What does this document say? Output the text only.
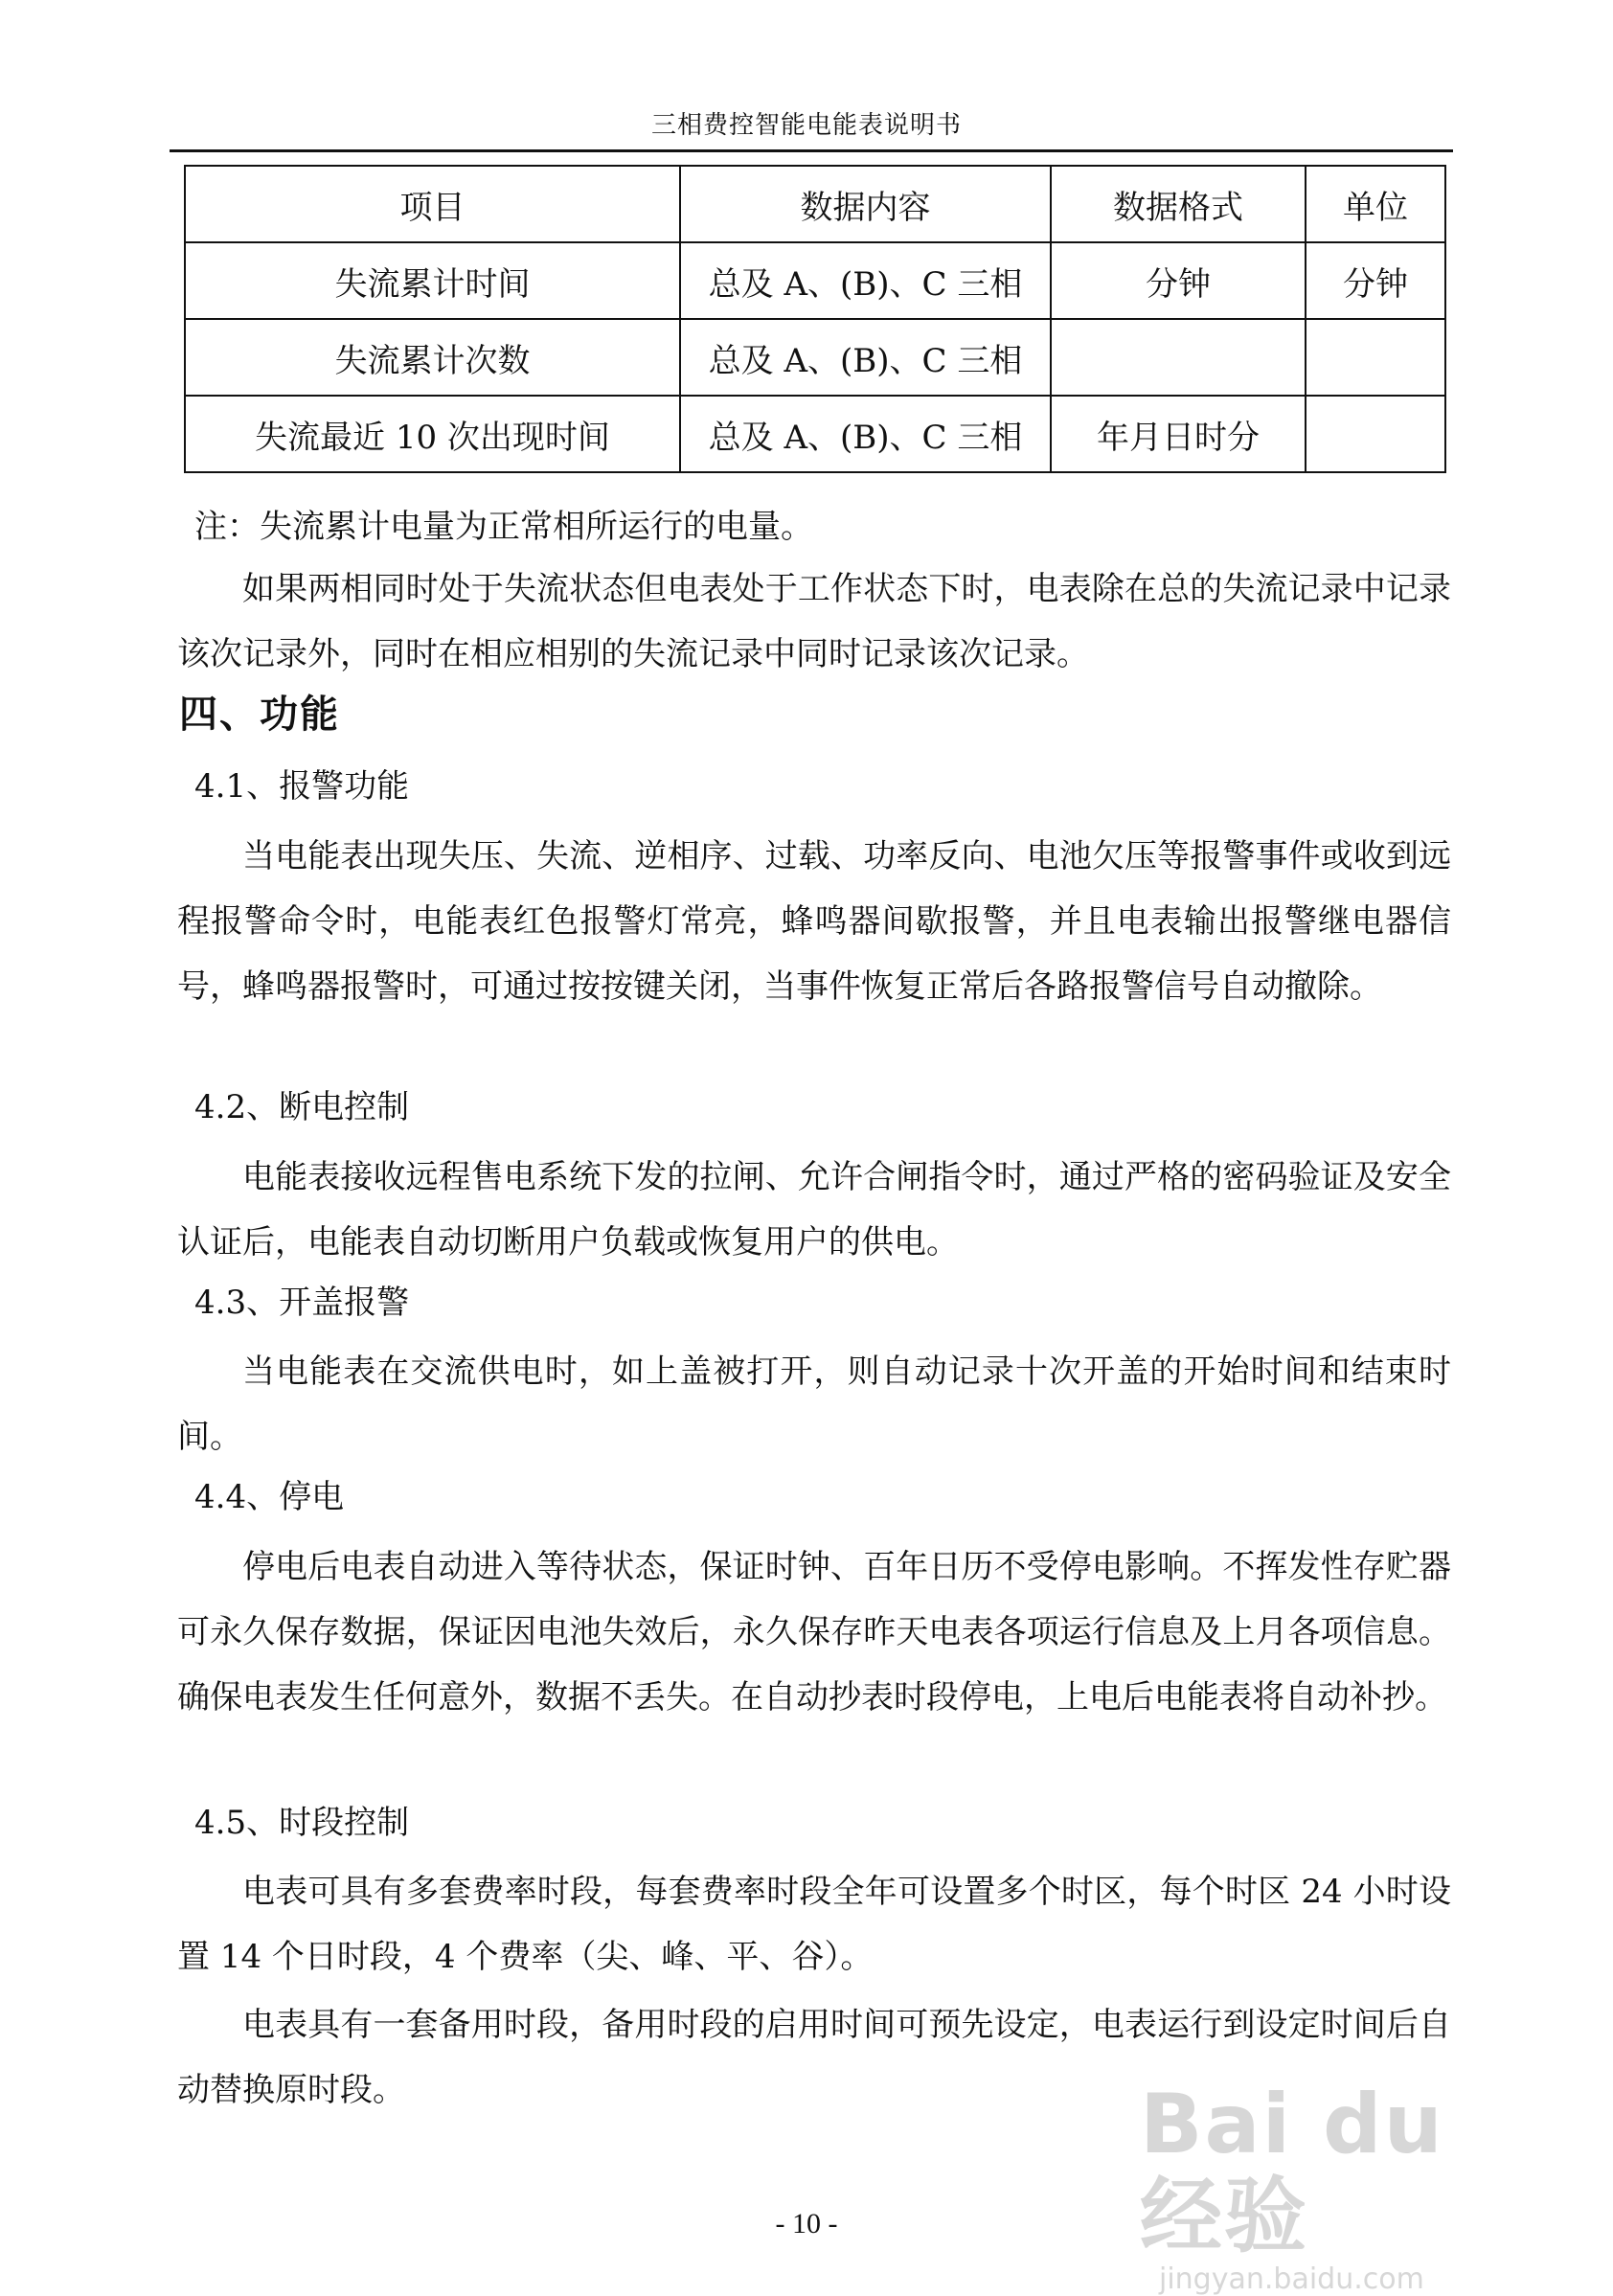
三相费控智能电能表说明书
项目	数据内容	数据格式	单位
失流累计时间	总及 A、(B)、C 三相	分钟	分钟
失流累计次数	总及 A、(B)、C 三相		
失流最近 10 次出现时间	总及 A、(B)、C 三相	年月日时分	
注：失流累计电量为正常相所运行的电量。
如果两相同时处于失流状态但电表处于工作状态下时，电表除在总的失流记录中记录该次记录外，同时在相应相别的失流记录中同时记录该次记录。
四、功能
4.1、报警功能
当电能表出现失压、失流、逆相序、过载、功率反向、电池欠压等报警事件或收到远程报警命令时，电能表红色报警灯常亮，蜂鸣器间歇报警，并且电表输出报警继电器信号，蜂鸣器报警时，可通过按按键关闭，当事件恢复正常后各路报警信号自动撤除。
4.2、断电控制
电能表接收远程售电系统下发的拉闸、允许合闸指令时，通过严格的密码验证及安全认证后，电能表自动切断用户负载或恢复用户的供电。
4.3、开盖报警
当电能表在交流供电时，如上盖被打开，则自动记录十次开盖的开始时间和结束时间。
4.4、停电
停电后电表自动进入等待状态，保证时钟、百年日历不受停电影响。不挥发性存贮器可永久保存数据，保证因电池失效后，永久保存昨天电表各项运行信息及上月各项信息。确保电表发生任何意外，数据不丢失。在自动抄表时段停电，上电后电能表将自动补抄。
4.5、时段控制
电表可具有多套费率时段，每套费率时段全年可设置多个时区，每个时区 24 小时设置 14 个日时段，4 个费率（尖、峰、平、谷）。
电表具有一套备用时段，备用时段的启用时间可预先设定，电表运行到设定时间后自动替换原时段。	Bai du 经验
jingyan.baidu.com
- 10 -
